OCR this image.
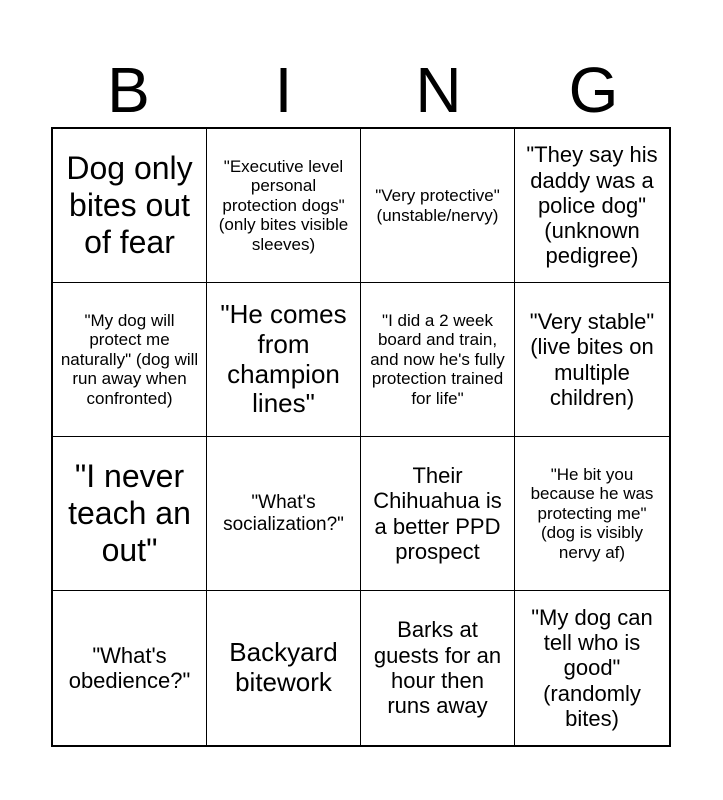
B	I	N	G
Dog only bites out of fear
"Executive level personal protection dogs" (only bites visible sleeves)
"Very protective" (unstable/nervy)
"They say his daddy was a police dog" (unknown pedigree)
"My dog will protect me naturally" (dog will run away when confronted)
"He comes from champion lines"
"I did a 2 week board and train, and now he's fully protection trained for life"
"Very stable" (live bites on multiple children)
"I never teach an out"
"What's socialization?"
Their Chihuahua is a better PPD prospect
"He bit you because he was protecting me" (dog is visibly nervy af)
"What's obedience?"
Backyard bitework
Barks at guests for an hour then runs away
"My dog can tell who is good" (randomly bites)
